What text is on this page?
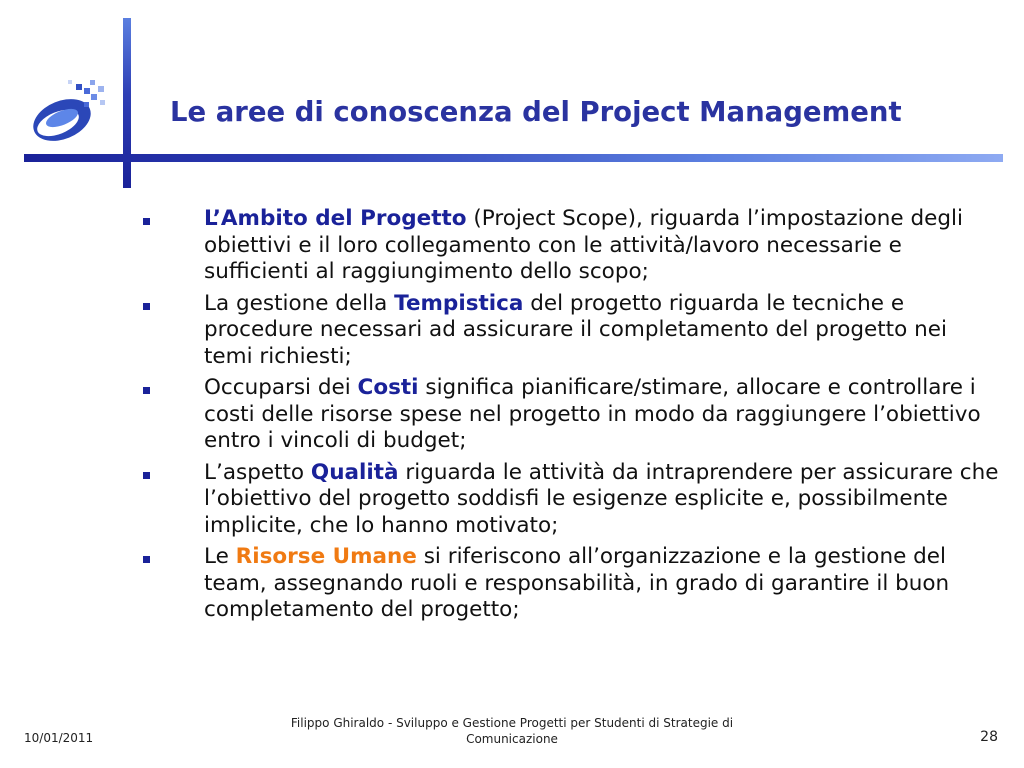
Le aree di conoscenza del Project Management
L’Ambito del Progetto (Project Scope), riguarda l’impostazione degli obiettivi e il loro collegamento con le attività/lavoro necessarie e sufficienti al raggiungimento dello scopo;
La gestione della Tempistica del progetto riguarda le tecniche e procedure necessari ad assicurare il completamento del progetto nei temi richiesti;
Occuparsi dei Costi significa pianificare/stimare, allocare e controllare i costi delle risorse spese nel progetto in modo da raggiungere l’obiettivo entro i vincoli di budget;
L’aspetto Qualità riguarda le attività da intraprendere per assicurare che l’obiettivo del progetto soddisfi le esigenze esplicite e, possibilmente implicite, che lo hanno motivato;
Le Risorse Umane si riferiscono all’organizzazione e la gestione del team, assegnando ruoli e responsabilità, in grado di garantire il buon completamento del progetto;
10/01/2011
Filippo Ghiraldo - Sviluppo e Gestione Progetti per Studenti di Strategie di
Comunicazione	28
